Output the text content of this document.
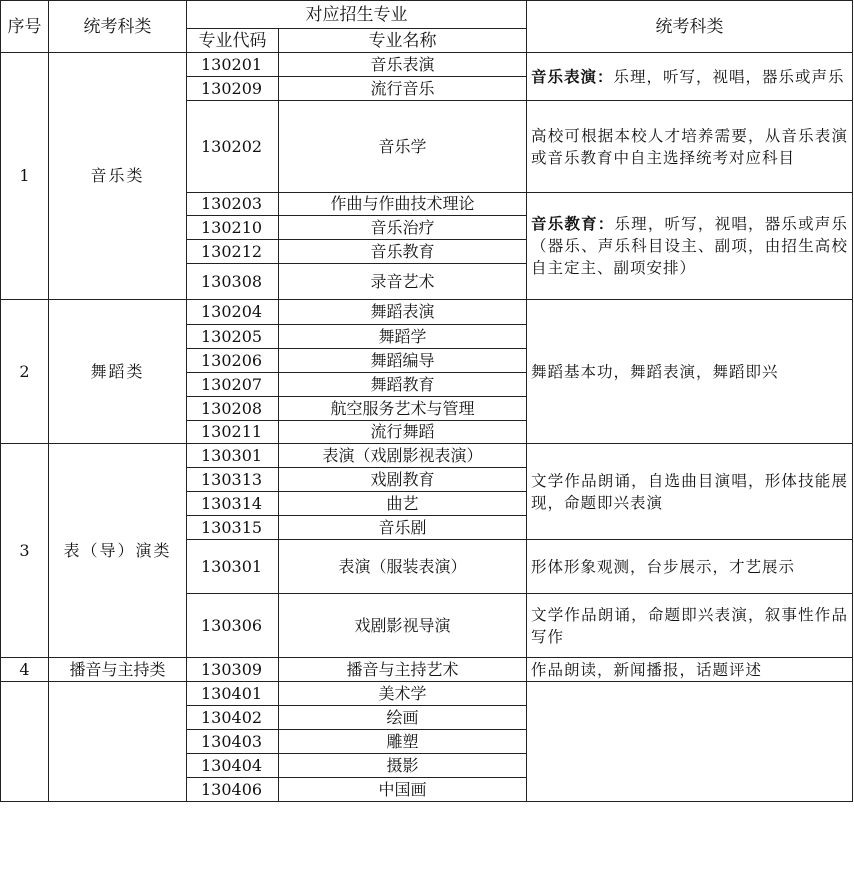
序号	统考科类	对应招生专业		统考科类
		专业代码	专业名称	
1	音乐类	130201	音乐表演	音乐表演：乐理，听写，视唱，器乐或声乐
		130209	流行音乐	
		130202	音乐学	高校可根据本校人才培养需要，从音乐表演或音乐教育中自主选择统考对应科目
		130203	作曲与作曲技术理论	音乐教育：乐理，听写，视唱，器乐或声乐（器乐、声乐科目设主、副项，由招生高校自主定主、副项安排）
		130210	音乐治疗	
		130212	音乐教育	
		130308	录音艺术	
2	舞蹈类	130204	舞蹈表演	舞蹈基本功，舞蹈表演，舞蹈即兴
		130205	舞蹈学	
		130206	舞蹈编导	
		130207	舞蹈教育	
		130208	航空服务艺术与管理	
		130211	流行舞蹈	
3	表（导）演类	130301	表演（戏剧影视表演）	文学作品朗诵，自选曲目演唱，形体技能展现，命题即兴表演
		130313	戏剧教育	
		130314	曲艺	
		130315	音乐剧	
		130301	表演（服装表演）	形体形象观测，台步展示，才艺展示
		130306	戏剧影视导演	文学作品朗诵，命题即兴表演，叙事性作品写作
4	播音与主持类	130309	播音与主持艺术	作品朗读，新闻播报，话题评述
		130401	美术学	
		130402	绘画	
		130403	雕塑	
		130404	摄影	
		130406	中国画	
